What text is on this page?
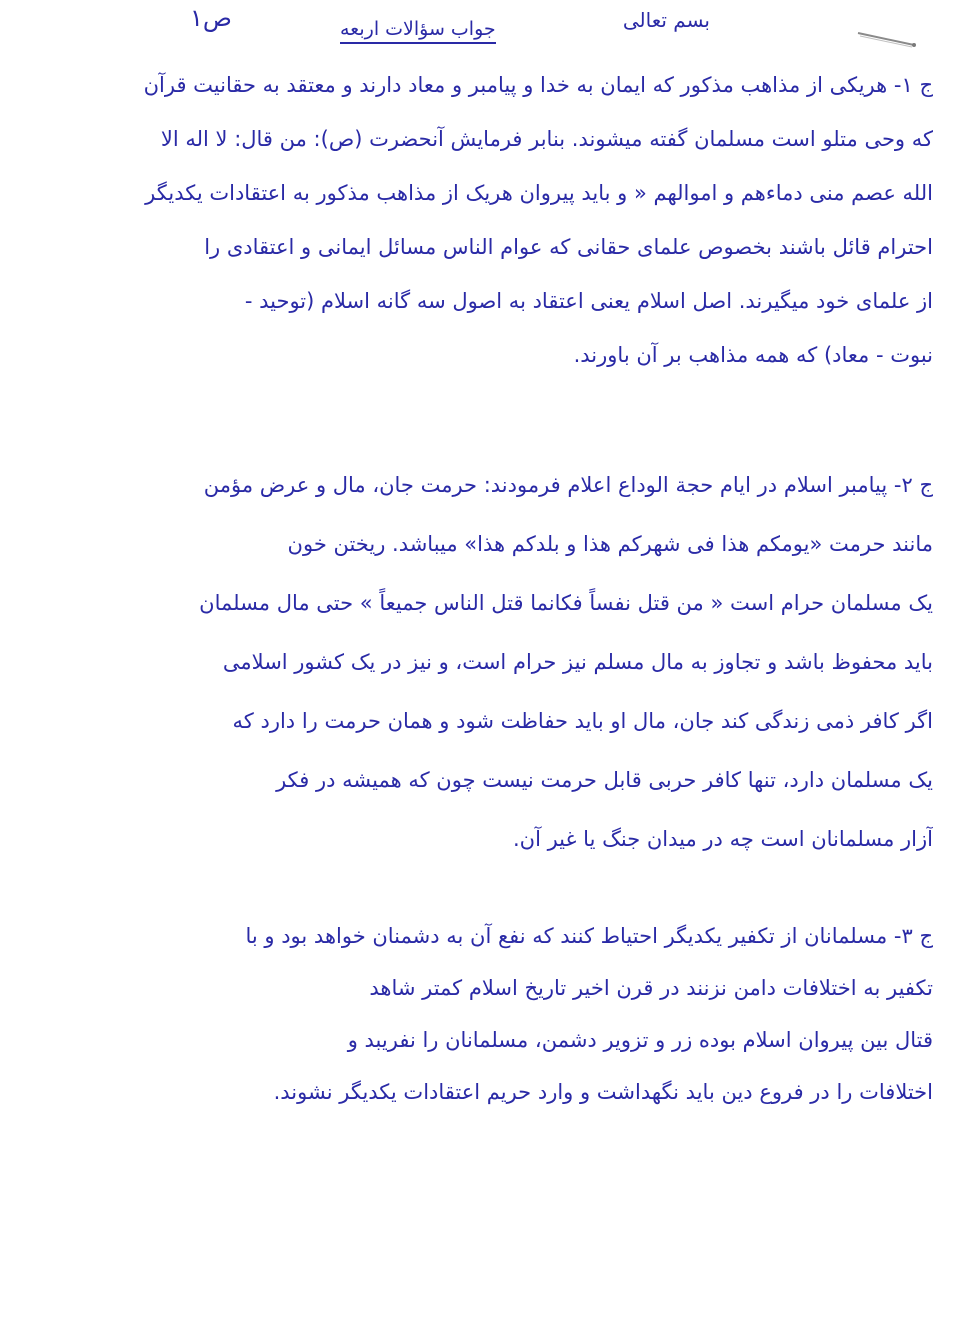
بسم تعالی
جواب سؤالات اربعه
ص۱
ج ۱- هریکی از مذاهب مذکور که ایمان به خدا و پیامبر و معاد دارند و معتقد به حقانیت قرآن
که وحی متلو است مسلمان گفته میشوند. بنابر فرمایش آنحضرت (ص): من قال: لا اله الا
الله عصم منی دماءهم و اموالهم « و باید پیروان هریک از مذاهب مذکور به اعتقادات یکدیگر
احترام قائل باشند بخصوص علمای حقانی که عوام الناس مسائل ایمانی و اعتقادی را
از علمای خود میگیرند. اصل اسلام یعنی اعتقاد به اصول سه گانه اسلام (توحید -
نبوت - معاد) که همه مذاهب بر آن باورند.
ج ۲- پیامبر اسلام در ایام حجة الوداع اعلام فرمودند: حرمت جان، مال و عرض مؤمن
مانند حرمت «یومکم هذا فی شهرکم هذا و بلدکم هذا» میباشد. ریختن خون
یک مسلمان حرام است « من قتل نفساً فکانما قتل الناس جمیعاً » حتی مال مسلمان
باید محفوظ باشد و تجاوز به مال مسلم نیز حرام است، و نیز در یک کشور اسلامی
اگر کافر ذمی زندگی کند جان، مال او باید حفاظت شود و همان حرمت را دارد که
یک مسلمان دارد، تنها کافر حربی قابل حرمت نیست چون که همیشه در فکر
آزار مسلمانان است چه در میدان جنگ یا غیر آن.
ج ۳- مسلمانان از تکفیر یکدیگر احتیاط کنند که نفع آن به دشمنان خواهد بود و با
تکفیر به اختلافات دامن نزنند در قرن اخیر تاریخ اسلام کمتر شاهد
قتال بین پیروان اسلام بوده زر و تزویر دشمن، مسلمانان را نفریبد و
اختلافات را در فروع دین باید نگهداشت و وارد حریم اعتقادات یکدیگر نشوند.
